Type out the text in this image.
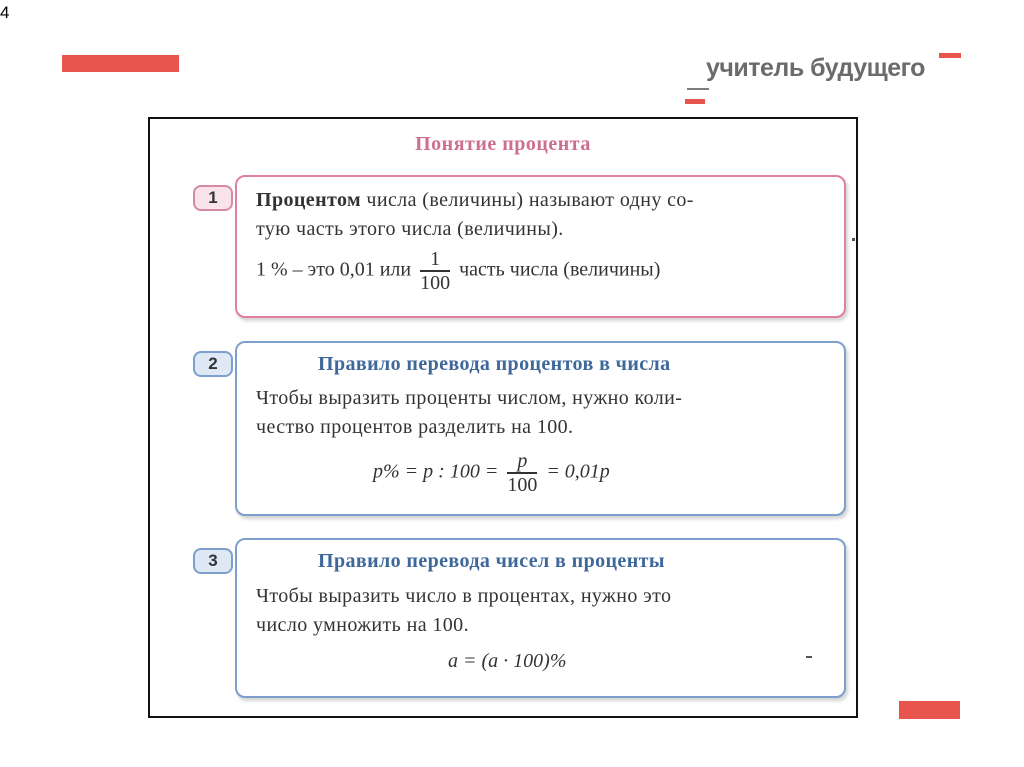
4
учитель будущего
Понятие процента
1	Процентом числа (величины) называют одну со-
тую часть этого числа (величины).
1 % – это 0,01 или $\frac{1}{100}$ часть числа (величины)
2	Правило перевода процентов в числа
Чтобы выразить проценты числом, нужно коли-
чество процентов разделить на 100.
p% = p : $100 = \frac{p}{100} = 0,01p$
3	Правило перевода чисел в проценты
Чтобы выразить число в процентах, нужно это
число умножить на 100.
a = (a · 100)%
